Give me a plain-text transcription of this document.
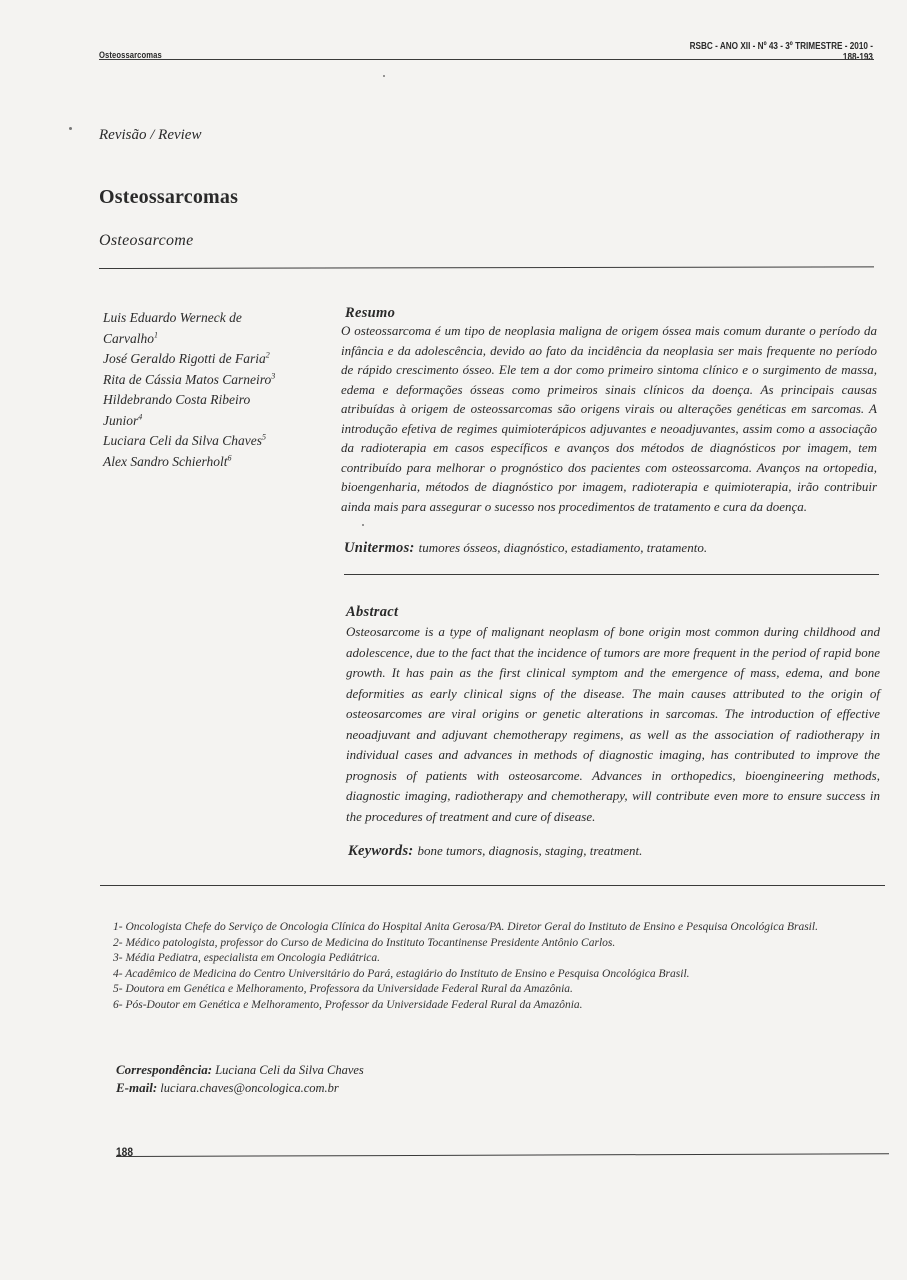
Osteossarcomas
RSBC - ANO XII - Nº 43 - 3º TRIMESTRE - 2010 - 188-193
Revisão / Review
Osteossarcomas
Osteosarcome
Luis Eduardo Werneck de
Carvalho$^1$
José Geraldo Rigotti de Faria$^2$
Rita de Cássia Matos Carneiro$^3$
Hildebrando Costa Ribeiro
Junior$^4$
Luciara Celi da Silva Chaves$^5$
Alex Sandro Schierholt$^6$
Resumo
O osteossarcoma é um tipo de neoplasia maligna de origem óssea mais comum durante o período da infância e da adolescência, devido ao fato da incidência da neoplasia ser mais frequente no período de rápido crescimento ósseo. Ele tem a dor como primeiro sintoma clínico e o surgimento de massa, edema e deformações ósseas como primeiros sinais clínicos da doença. As principais causas atribuídas à origem de osteossarcomas são origens virais ou alterações genéticas em sarcomas. A introdução efetiva de regimes quimioterápicos adjuvantes e neoadjuvantes, assim como a associação da radioterapia em casos específicos e avanços dos métodos de diagnósticos por imagem, tem contribuído para melhorar o prognóstico dos pacientes com osteossarcoma. Avanços na ortopedia, bioengenharia, métodos de diagnóstico por imagem, radioterapia e quimioterapia, irão contribuir ainda mais para assegurar o sucesso nos procedimentos de tratamento e cura da doença.
Unitermos: tumores ósseos, diagnóstico, estadiamento, tratamento.
Abstract
Osteosarcome is a type of malignant neoplasm of bone origin most common during childhood and adolescence, due to the fact that the incidence of tumors are more frequent in the period of rapid bone growth. It has pain as the first clinical symptom and the emergence of mass, edema, and bone deformities as early clinical signs of the disease. The main causes attributed to the origin of osteosarcomes are viral origins or genetic alterations in sarcomas. The introduction of effective neoadjuvant and adjuvant chemotherapy regimens, as well as the association of radiotherapy in individual cases and advances in methods of diagnostic imaging, has contributed to improve the prognosis of patients with osteosarcome. Advances in orthopedics, bioengineering methods, diagnostic imaging, radiotherapy and chemotherapy, will contribute even more to ensure success in the procedures of treatment and cure of disease.
Keywords: bone tumors, diagnosis, staging, treatment.
1- Oncologista Chefe do Serviço de Oncologia Clínica do Hospital Anita Gerosa/PA. Diretor Geral do Instituto de Ensino e Pesquisa Oncológica Brasil.
2- Médico patologista, professor do Curso de Medicina do Instituto Tocantinense Presidente Antônio Carlos.
3- Média Pediatra, especialista em Oncologia Pediátrica.
4- Acadêmico de Medicina do Centro Universitário do Pará, estagiário do Instituto de Ensino e Pesquisa Oncológica Brasil.
5- Doutora em Genética e Melhoramento, Professora da Universidade Federal Rural da Amazônia.
6- Pós-Doutor em Genética e Melhoramento, Professor da Universidade Federal Rural da Amazônia.
Correspondência: Luciana Celi da Silva Chaves
E-mail: luciara.chaves@oncologica.com.br
188
